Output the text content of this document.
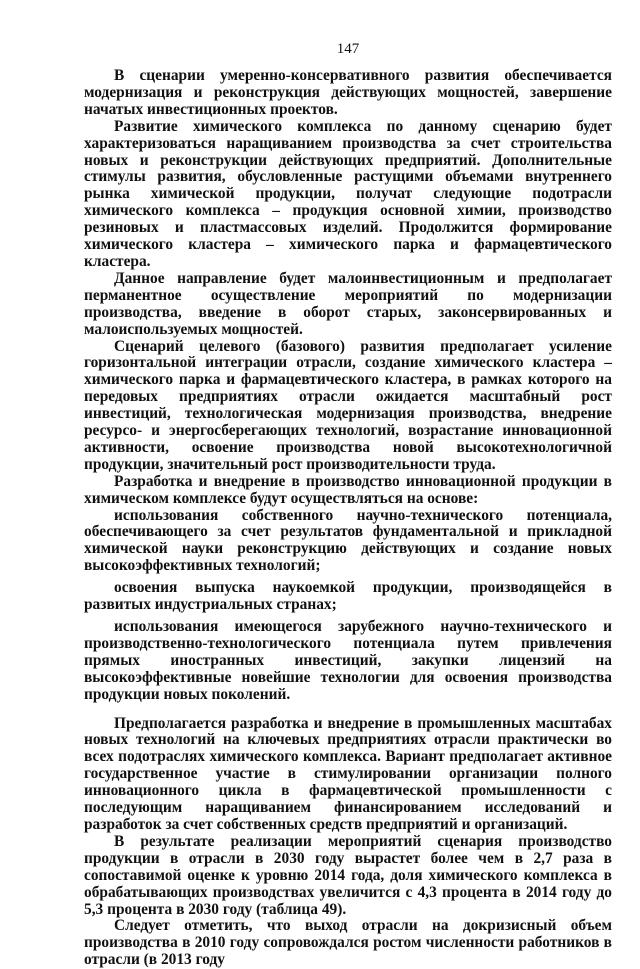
147

В сценарии умеренно-консервативного развития обеспечивается модернизация и реконструкция действующих мощностей, завершение начатых инвестиционных проектов.

Развитие химического комплекса по данному сценарию будет характеризоваться наращиванием производства за счет строительства новых и реконструкции действующих предприятий. Дополнительные стимулы развития, обусловленные растущими объемами внутреннего рынка химической продукции, получат следующие подотрасли химического комплекса – продукция основной химии, производство резиновых и пластмассовых изделий. Продолжится формирование химического кластера – химического парка и фармацевтического кластера.

Данное направление будет малоинвестиционным и предполагает перманентное осуществление мероприятий по модернизации производства, введение в оборот старых, законсервированных и малоиспользуемых мощностей.

Сценарий целевого (базового) развития предполагает усиление горизонтальной интеграции отрасли, создание химического кластера – химического парка и фармацевтического кластера, в рамках которого на передовых предприятиях отрасли ожидается масштабный рост инвестиций, технологическая модернизация производства, внедрение ресурсо- и энергосберегающих технологий, возрастание инновационной активности, освоение производства новой высокотехнологичной продукции, значительный рост производительности труда.

Разработка и внедрение в производство инновационной продукции в химическом комплексе будут осуществляться на основе:

использования собственного научно-технического потенциала, обеспечивающего за счет результатов фундаментальной и прикладной химической науки реконструкцию действующих и создание новых высокоэффективных технологий;

освоения выпуска наукоемкой продукции, производящейся в развитых индустриальных странах;

использования имеющегося зарубежного научно-технического и производственно-технологического потенциала путем привлечения прямых иностранных инвестиций, закупки лицензий на высокоэффективные новейшие технологии для освоения производства продукции новых поколений.

Предполагается разработка и внедрение в промышленных масштабах новых технологий на ключевых предприятиях отрасли практически во всех подотраслях химического комплекса. Вариант предполагает активное государственное участие в стимулировании организации полного инновационного цикла в фармацевтической промышленности с последующим наращиванием финансированием исследований и разработок за счет собственных средств предприятий и организаций.

В результате реализации мероприятий сценария производство продукции в отрасли в 2030 году вырастет более чем в 2,7 раза в сопоставимой оценке к уровню 2014 года, доля химического комплекса в обрабатывающих производствах увеличится с 4,3 процента в 2014 году до 5,3 процента в 2030 году (таблица 49).

Следует отметить, что выход отрасли на докризисный объем производства в 2010 году сопровождался ростом численности работников в отрасли (в 2013 году
